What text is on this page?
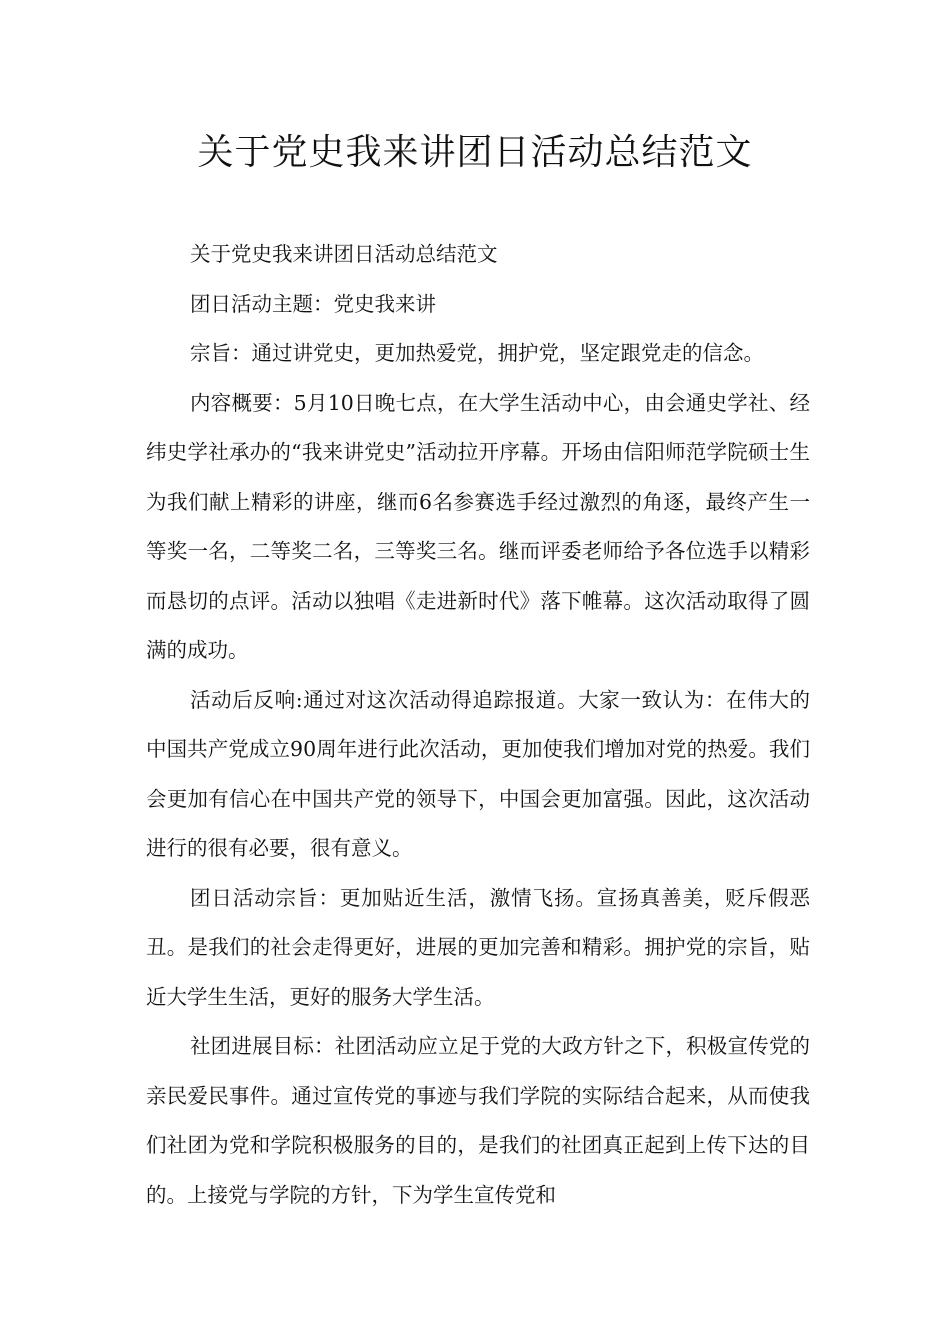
关于党史我来讲团日活动总结范文

关于党史我来讲团日活动总结范文

团日活动主题：党史我来讲

宗旨：通过讲党史，更加热爱党，拥护党，坚定跟党走的信念。

内容概要：5月10日晚七点，在大学生活动中心，由会通史学社、经纬史学社承办的“我来讲党史”活动拉开序幕。开场由信阳师范学院硕士生为我们献上精彩的讲座，继而6名参赛选手经过激烈的角逐，最终产生一等奖一名，二等奖二名，三等奖三名。继而评委老师给予各位选手以精彩而恳切的点评。活动以独唱《走进新时代》落下帷幕。这次活动取得了圆满的成功。

活动后反响:通过对这次活动得追踪报道。大家一致认为：在伟大的中国共产党成立90周年进行此次活动，更加使我们增加对党的热爱。我们会更加有信心在中国共产党的领导下，中国会更加富强。因此，这次活动进行的很有必要，很有意义。

团日活动宗旨：更加贴近生活，激情飞扬。宣扬真善美，贬斥假恶丑。是我们的社会走得更好，进展的更加完善和精彩。拥护党的宗旨，贴近大学生生活，更好的服务大学生活。

社团进展目标：社团活动应立足于党的大政方针之下，积极宣传党的亲民爱民事件。通过宣传党的事迹与我们学院的实际结合起来，从而使我们社团为党和学院积极服务的目的，是我们的社团真正起到上传下达的目的。上接党与学院的方针，下为学生宣传党和
